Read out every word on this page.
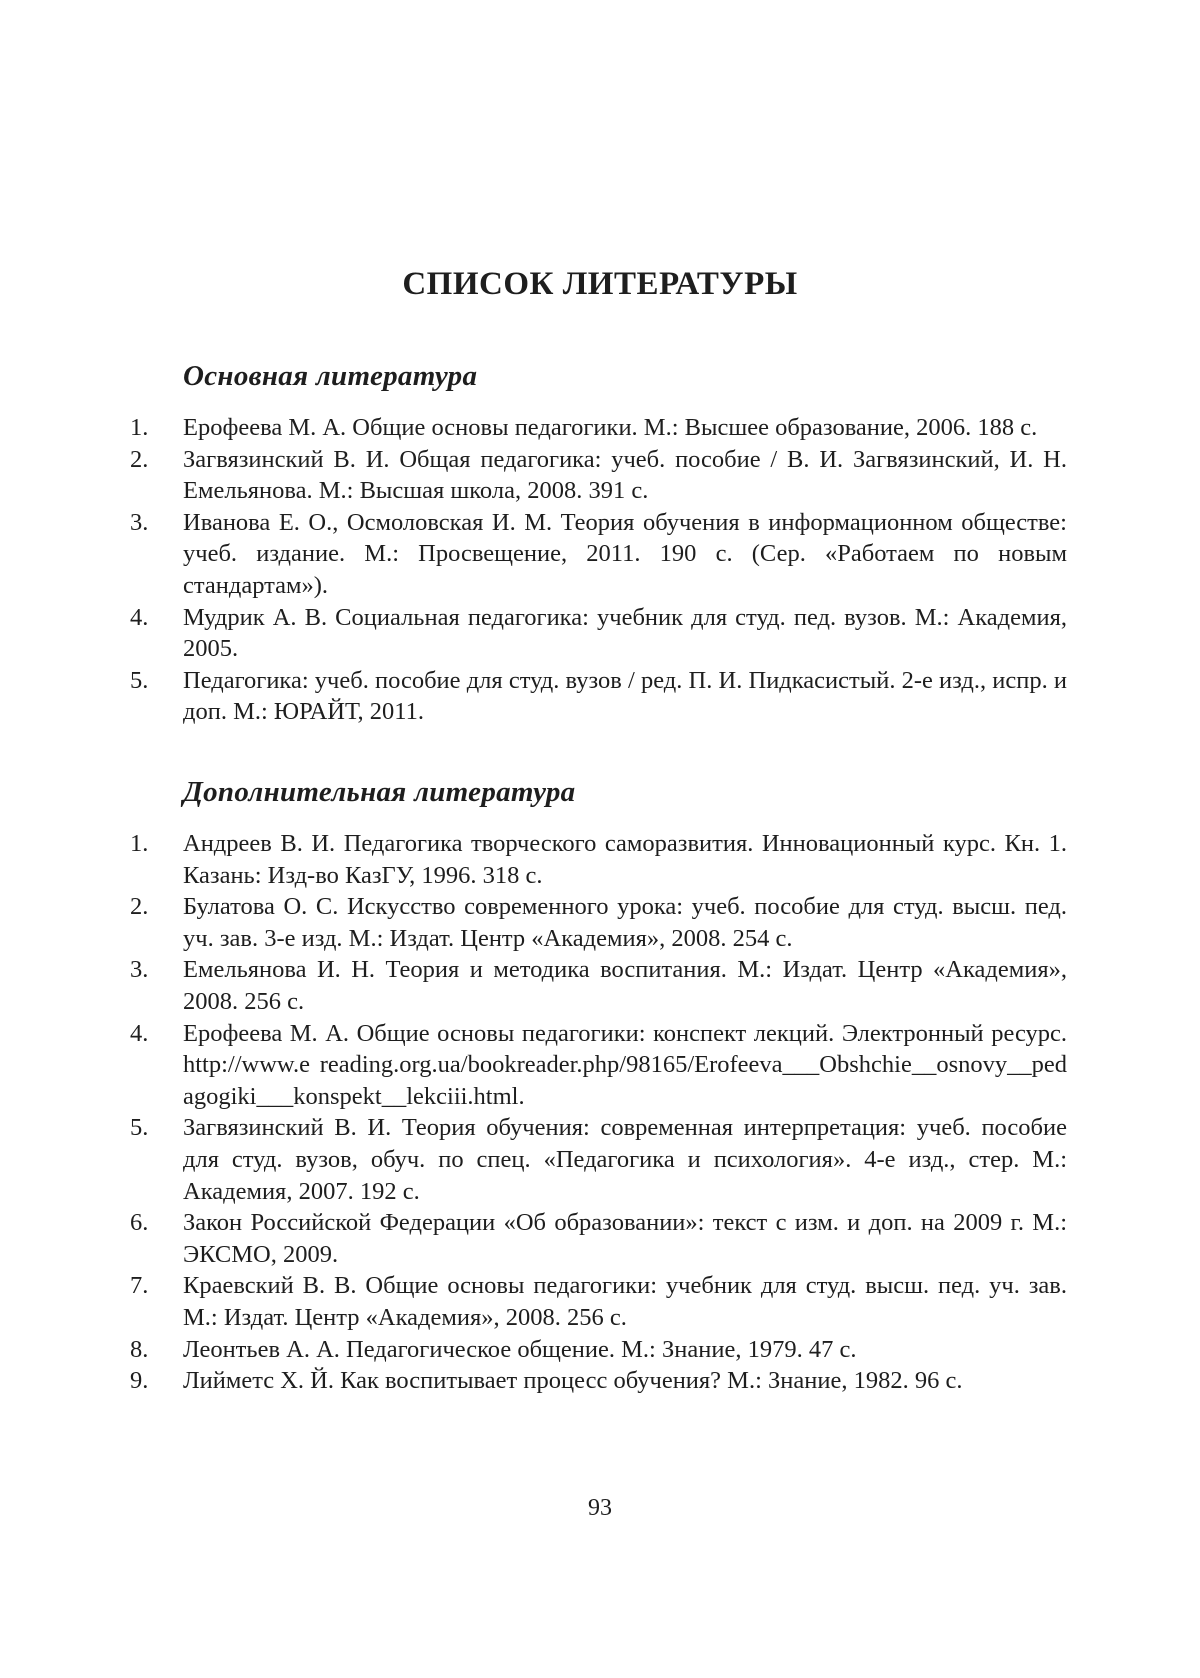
СПИСОК ЛИТЕРАТУРЫ
Основная литература
1.	Ерофеева М. А. Общие основы педагогики. М.: Высшее образование, 2006. 188 с.
2.	Загвязинский В. И. Общая педагогика: учеб. пособие / В. И. Загвязинский, И. Н. Емельянова. М.: Высшая школа, 2008. 391 с.
3.	Иванова Е. О., Осмоловская И. М. Теория обучения в информационном обществе: учеб. издание. М.: Просвещение, 2011. 190 с. (Сер. «Работаем по новым стандартам»).
4.	Мудрик А. В. Социальная педагогика: учебник для студ. пед. вузов. М.: Академия, 2005.
5.	Педагогика: учеб. пособие для студ. вузов / ред. П. И. Пидкасистый. 2-е изд., испр. и доп. М.: ЮРАЙТ, 2011.
Дополнительная литература
1.	Андреев В. И. Педагогика творческого саморазвития. Инновационный курс. Кн. 1. Казань: Изд-во КазГУ, 1996. 318 с.
2.	Булатова О. С. Искусство современного урока: учеб. пособие для студ. высш. пед. уч. зав. 3-е изд. М.: Издат. Центр «Академия», 2008. 254 с.
3.	Емельянова И. Н. Теория и методика воспитания. М.: Издат. Центр «Академия», 2008. 256 с.
4.	Ерофеева М. А. Общие основы педагогики: конспект лекций. Электронный ресурс. http://www.e reading.org.ua/bookreader.php/98165/Erofeeva___Obshchie__osnovy__pedagogiki___konspekt__lekciii.html.
5.	Загвязинский В. И. Теория обучения: современная интерпретация: учеб. пособие для студ. вузов, обуч. по спец. «Педагогика и психология». 4-е изд., стер. М.: Академия, 2007. 192 с.
6.	Закон Российской Федерации «Об образовании»: текст с изм. и доп. на 2009 г. М.: ЭКСМО, 2009.
7.	Краевский В. В. Общие основы педагогики: учебник для студ. высш. пед. уч. зав. М.: Издат. Центр «Академия», 2008. 256 с.
8.	Леонтьев А. А. Педагогическое общение. М.: Знание, 1979. 47 с.
9.	Лийметс Х. Й. Как воспитывает процесс обучения? М.: Знание, 1982. 96 с.
93
